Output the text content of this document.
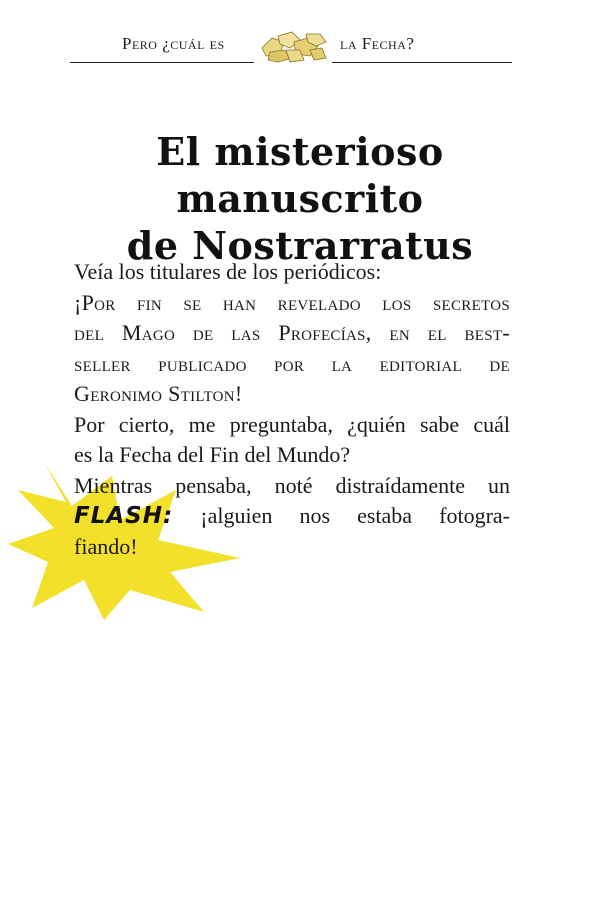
Pero ¿cuál es	la Fecha?
El misterioso manuscrito
de Nostrarratus

Veía los titulares de los periódicos:

¡Por fin se han revelado los secretos
del Mago de las Profecías, en el best-
seller publicado por la editorial de
Geronimo Stilton!

Por cierto, me preguntaba, ¿quién sabe cuál
es la Fecha del Fin del Mundo?

Mientras pensaba, noté distraídamente un
FLASH: ¡alguien nos estaba fotogra-
fiando!
